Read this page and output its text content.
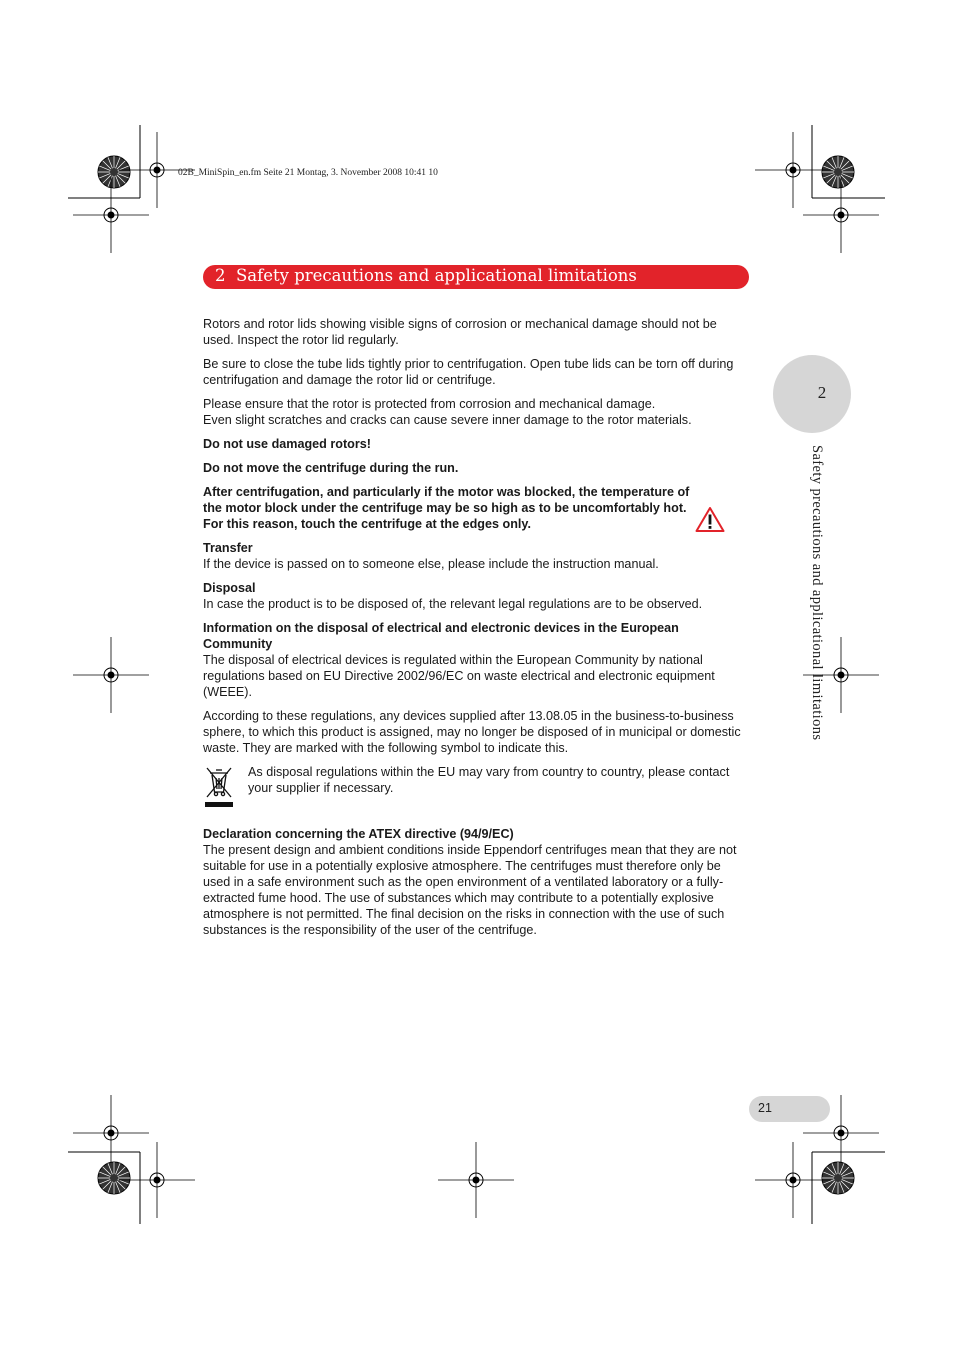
02B_MiniSpin_en.fm Seite 21 Montag, 3. November 2008 10:41 10
2 Safety precautions and applicational limitations
2
Safety precautions and applicational limitations

Rotors and rotor lids showing visible signs of corrosion or mechanical damage should not be used. Inspect the rotor lid regularly.

Be sure to close the tube lids tightly prior to centrifugation. Open tube lids can be torn off during centrifugation and damage the rotor lid or centrifuge.

Please ensure that the rotor is protected from corrosion and mechanical damage.
Even slight scratches and cracks can cause severe inner damage to the rotor materials.

Do not use damaged rotors!

Do not move the centrifuge during the run.

After centrifugation, and particularly if the motor was blocked, the temperature of the motor block under the centrifuge may be so high as to be uncomfortably hot. For this reason, touch the centrifuge at the edges only.

Transfer
If the device is passed on to someone else, please include the instruction manual.
Disposal
In case the product is to be disposed of, the relevant legal regulations are to be observed.
Information on the disposal of electrical and electronic devices in the European Community
The disposal of electrical devices is regulated within the European Community by national regulations based on EU Directive 2002/96/EC on waste electrical and electronic equipment (WEEE).

According to these regulations, any devices supplied after 13.08.05 in the business-to-business sphere, to which this product is assigned, may no longer be disposed of in municipal or domestic waste. They are marked with the following symbol to indicate this.

As disposal regulations within the EU may vary from country to country, please contact your supplier if necessary.
Declaration concerning the ATEX directive (94/9/EC)
The present design and ambient conditions inside Eppendorf centrifuges mean that they are not suitable for use in a potentially explosive atmosphere. The centrifuges must therefore only be used in a safe environment such as the open environment of a ventilated laboratory or a fully-extracted fume hood. The use of substances which may contribute to a potentially explosive atmosphere is not permitted. The final decision on the risks in connection with the use of such substances is the responsibility of the user of the centrifuge.
21
